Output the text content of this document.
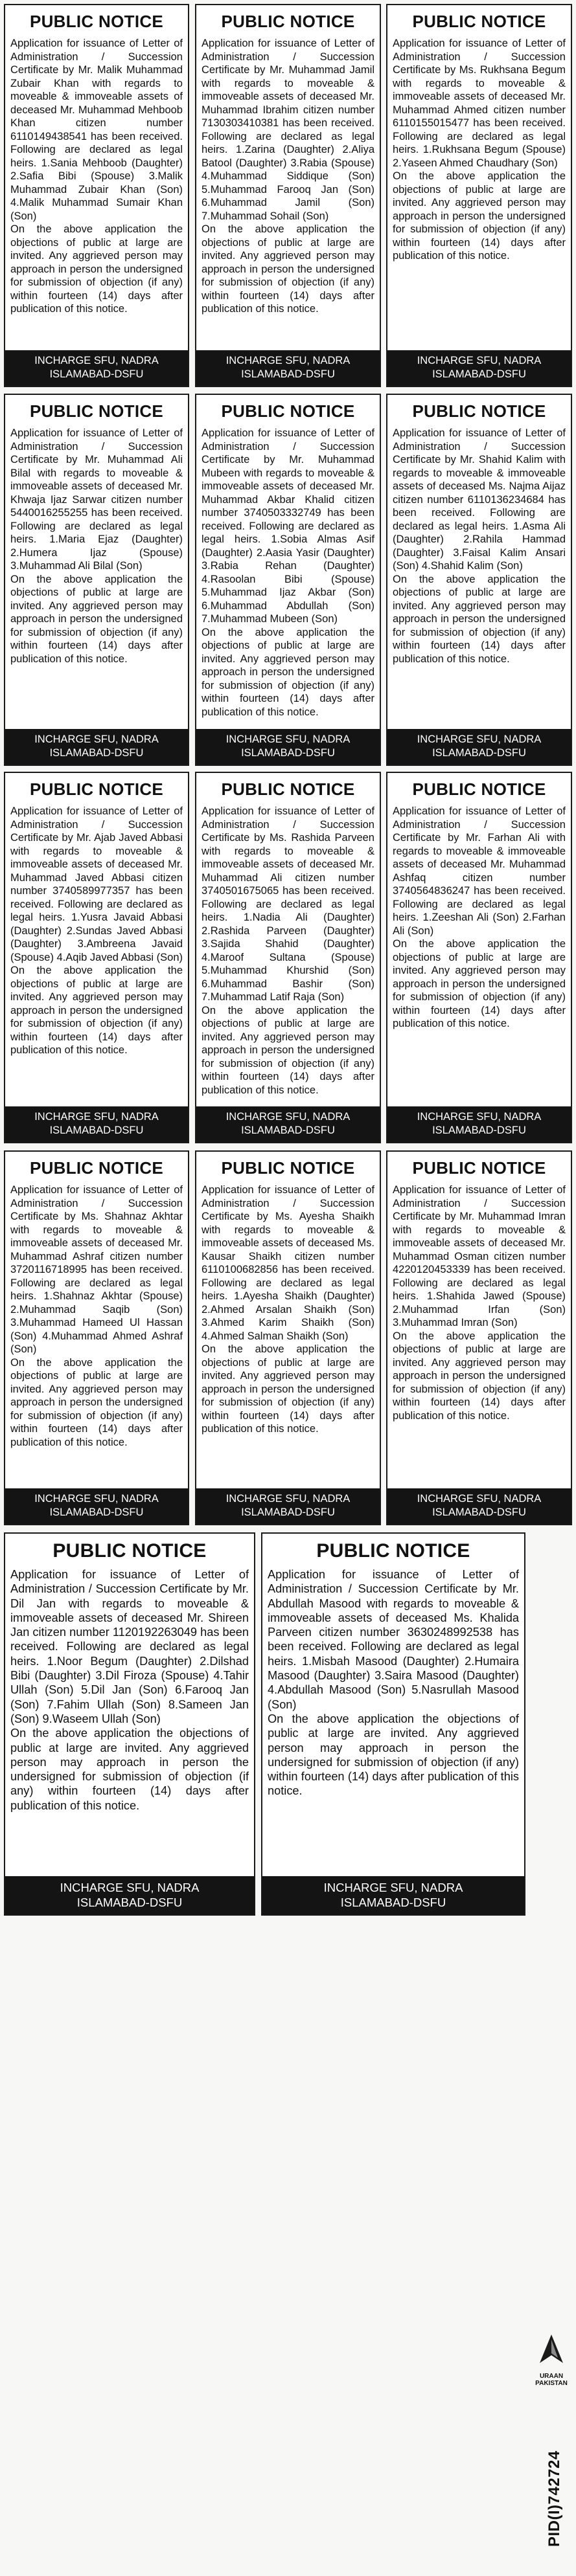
URAAN
PAKISTAN
PID(I)742724
PUBLIC NOTICE

Application for issuance of Letter of Administration / Succession Certificate by Mr. Malik Muhammad Zubair Khan with regards to moveable & immoveable assets of deceased Mr. Muhammad Mehboob Khan citizen number 6110149438541 has been received. Following are declared as legal heirs. 1.Sania Mehboob (Daughter) 2.Safia Bibi (Spouse) 3.Malik Muhammad Zubair Khan (Son) 4.Malik Muhammad Sumair Khan (Son)

On the above application the objections of public at large are invited. Any aggrieved person may approach in person the undersigned for submission of objection (if any) within fourteen (14) days after publication of this notice.

INCHARGE SFU, NADRA
ISLAMABAD-DSFU
PUBLIC NOTICE

Application for issuance of Letter of Administration / Succession Certificate by Mr. Muhammad Jamil with regards to moveable & immoveable assets of deceased Mr. Muhammad Ibrahim citizen number 7130303410381 has been received. Following are declared as legal heirs. 1.Zarina (Daughter) 2.Aliya Batool (Daughter) 3.Rabia (Spouse) 4.Muhammad Siddique (Son) 5.Muhammad Farooq Jan (Son) 6.Muhammad Jamil (Son) 7.Muhammad Sohail (Son)

On the above application the objections of public at large are invited. Any aggrieved person may approach in person the undersigned for submission of objection (if any) within fourteen (14) days after publication of this notice.

INCHARGE SFU, NADRA
ISLAMABAD-DSFU
PUBLIC NOTICE

Application for issuance of Letter of Administration / Succession Certificate by Ms. Rukhsana Begum with regards to moveable & immoveable assets of deceased Mr. Muhammad Ahmed citizen number 6110155015477 has been received. Following are declared as legal heirs. 1.Rukhsana Begum (Spouse) 2.Yaseen Ahmed Chaudhary (Son)

On the above application the objections of public at large are invited. Any aggrieved person may approach in person the undersigned for submission of objection (if any) within fourteen (14) days after publication of this notice.

INCHARGE SFU, NADRA
ISLAMABAD-DSFU
PUBLIC NOTICE

Application for issuance of Letter of Administration / Succession Certificate by Mr. Muhammad Ali Bilal with regards to moveable & immoveable assets of deceased Mr. Khwaja Ijaz Sarwar citizen number 5440016255255 has been received. Following are declared as legal heirs. 1.Maria Ejaz (Daughter) 2.Humera Ijaz (Spouse) 3.Muhammad Ali Bilal (Son)

On the above application the objections of public at large are invited. Any aggrieved person may approach in person the undersigned for submission of objection (if any) within fourteen (14) days after publication of this notice.

INCHARGE SFU, NADRA
ISLAMABAD-DSFU
PUBLIC NOTICE

Application for issuance of Letter of Administration / Succession Certificate by Mr. Muhammad Mubeen with regards to moveable & immoveable assets of deceased Mr. Muhammad Akbar Khalid citizen number 3740503332749 has been received. Following are declared as legal heirs. 1.Sobia Almas Asif (Daughter) 2.Aasia Yasir (Daughter) 3.Rabia Rehan (Daughter) 4.Rasoolan Bibi (Spouse) 5.Muhammad Ijaz Akbar (Son) 6.Muhammad Abdullah (Son) 7.Muhammad Mubeen (Son)

On the above application the objections of public at large are invited. Any aggrieved person may approach in person the undersigned for submission of objection (if any) within fourteen (14) days after publication of this notice.

INCHARGE SFU, NADRA
ISLAMABAD-DSFU
PUBLIC NOTICE

Application for issuance of Letter of Administration / Succession Certificate by Mr. Shahid Kalim with regards to moveable & immoveable assets of deceased Ms. Najma Aijaz citizen number 6110136234684 has been received. Following are declared as legal heirs. 1.Asma Ali (Daughter) 2.Rahila Hammad (Daughter) 3.Faisal Kalim Ansari (Son) 4.Shahid Kalim (Son)

On the above application the objections of public at large are invited. Any aggrieved person may approach in person the undersigned for submission of objection (if any) within fourteen (14) days after publication of this notice.

INCHARGE SFU, NADRA
ISLAMABAD-DSFU
PUBLIC NOTICE

Application for issuance of Letter of Administration / Succession Certificate by Mr. Ajab Javed Abbasi with regards to moveable & immoveable assets of deceased Mr. Muhammad Javed Abbasi citizen number 3740589977357 has been received. Following are declared as legal heirs. 1.Yusra Javaid Abbasi (Daughter) 2.Sundas Javed Abbasi (Daughter) 3.Ambreena Javaid (Spouse) 4.Aqib Javed Abbasi (Son)

On the above application the objections of public at large are invited. Any aggrieved person may approach in person the undersigned for submission of objection (if any) within fourteen (14) days after publication of this notice.

INCHARGE SFU, NADRA
ISLAMABAD-DSFU
PUBLIC NOTICE

Application for issuance of Letter of Administration / Succession Certificate by Ms. Rashida Parveen with regards to moveable & immoveable assets of deceased Mr. Muhammad Ali citizen number 3740501675065 has been received. Following are declared as legal heirs. 1.Nadia Ali (Daughter) 2.Rashida Parveen (Daughter) 3.Sajida Shahid (Daughter) 4.Maroof Sultana (Spouse) 5.Muhammad Khurshid (Son) 6.Muhammad Bashir (Son) 7.Muhammad Latif Raja (Son)

On the above application the objections of public at large are invited. Any aggrieved person may approach in person the undersigned for submission of objection (if any) within fourteen (14) days after publication of this notice.

INCHARGE SFU, NADRA
ISLAMABAD-DSFU
PUBLIC NOTICE

Application for issuance of Letter of Administration / Succession Certificate by Mr. Farhan Ali with regards to moveable & immoveable assets of deceased Mr. Muhammad Ashfaq citizen number 3740564836247 has been received. Following are declared as legal heirs. 1.Zeeshan Ali (Son) 2.Farhan Ali (Son)

On the above application the objections of public at large are invited. Any aggrieved person may approach in person the undersigned for submission of objection (if any) within fourteen (14) days after publication of this notice.

INCHARGE SFU, NADRA
ISLAMABAD-DSFU
PUBLIC NOTICE

Application for issuance of Letter of Administration / Succession Certificate by Ms. Shahnaz Akhtar with regards to moveable & immoveable assets of deceased Mr. Muhammad Ashraf citizen number 3720116718995 has been received. Following are declared as legal heirs. 1.Shahnaz Akhtar (Spouse) 2.Muhammad Saqib (Son) 3.Muhammad Hameed Ul Hassan (Son) 4.Muhammad Ahmed Ashraf (Son)

On the above application the objections of public at large are invited. Any aggrieved person may approach in person the undersigned for submission of objection (if any) within fourteen (14) days after publication of this notice.

INCHARGE SFU, NADRA
ISLAMABAD-DSFU
PUBLIC NOTICE

Application for issuance of Letter of Administration / Succession Certificate by Ms. Ayesha Shaikh with regards to moveable & immoveable assets of deceased Ms. Kausar Shaikh citizen number 6110100682856 has been received. Following are declared as legal heirs. 1.Ayesha Shaikh (Daughter) 2.Ahmed Arsalan Shaikh (Son) 3.Ahmed Karim Shaikh (Son) 4.Ahmed Salman Shaikh (Son)

On the above application the objections of public at large are invited. Any aggrieved person may approach in person the undersigned for submission of objection (if any) within fourteen (14) days after publication of this notice.

INCHARGE SFU, NADRA
ISLAMABAD-DSFU
PUBLIC NOTICE

Application for issuance of Letter of Administration / Succession Certificate by Mr. Muhammad Imran with regards to moveable & immoveable assets of deceased Mr. Muhammad Osman citizen number 4220120453339 has been received. Following are declared as legal heirs. 1.Shahida Jawed (Spouse) 2.Muhammad Irfan (Son) 3.Muhammad Imran (Son)

On the above application the objections of public at large are invited. Any aggrieved person may approach in person the undersigned for submission of objection (if any) within fourteen (14) days after publication of this notice.

INCHARGE SFU, NADRA
ISLAMABAD-DSFU
PUBLIC NOTICE

Application for issuance of Letter of Administration / Succession Certificate by Mr. Dil Jan with regards to moveable & immoveable assets of deceased Mr. Shireen Jan citizen number 1120192263049 has been received. Following are declared as legal heirs. 1.Noor Begum (Daughter) 2.Dilshad Bibi (Daughter) 3.Dil Firoza (Spouse) 4.Tahir Ullah (Son) 5.Dil Jan (Son) 6.Farooq Jan (Son) 7.Fahim Ullah (Son) 8.Sameen Jan (Son) 9.Waseem Ullah (Son)

On the above application the objections of public at large are invited. Any aggrieved person may approach in person the undersigned for submission of objection (if any) within fourteen (14) days after publication of this notice.

INCHARGE SFU, NADRA
ISLAMABAD-DSFU
PUBLIC NOTICE

Application for issuance of Letter of Administration / Succession Certificate by Mr. Abdullah Masood with regards to moveable & immoveable assets of deceased Ms. Khalida Parveen citizen number 3630248992538 has been received. Following are declared as legal heirs. 1.Misbah Masood (Daughter) 2.Humaira Masood (Daughter) 3.Saira Masood (Daughter) 4.Abdullah Masood (Son) 5.Nasrullah Masood (Son)

On the above application the objections of public at large are invited. Any aggrieved person may approach in person the undersigned for submission of objection (if any) within fourteen (14) days after publication of this notice.

INCHARGE SFU, NADRA
ISLAMABAD-DSFU
